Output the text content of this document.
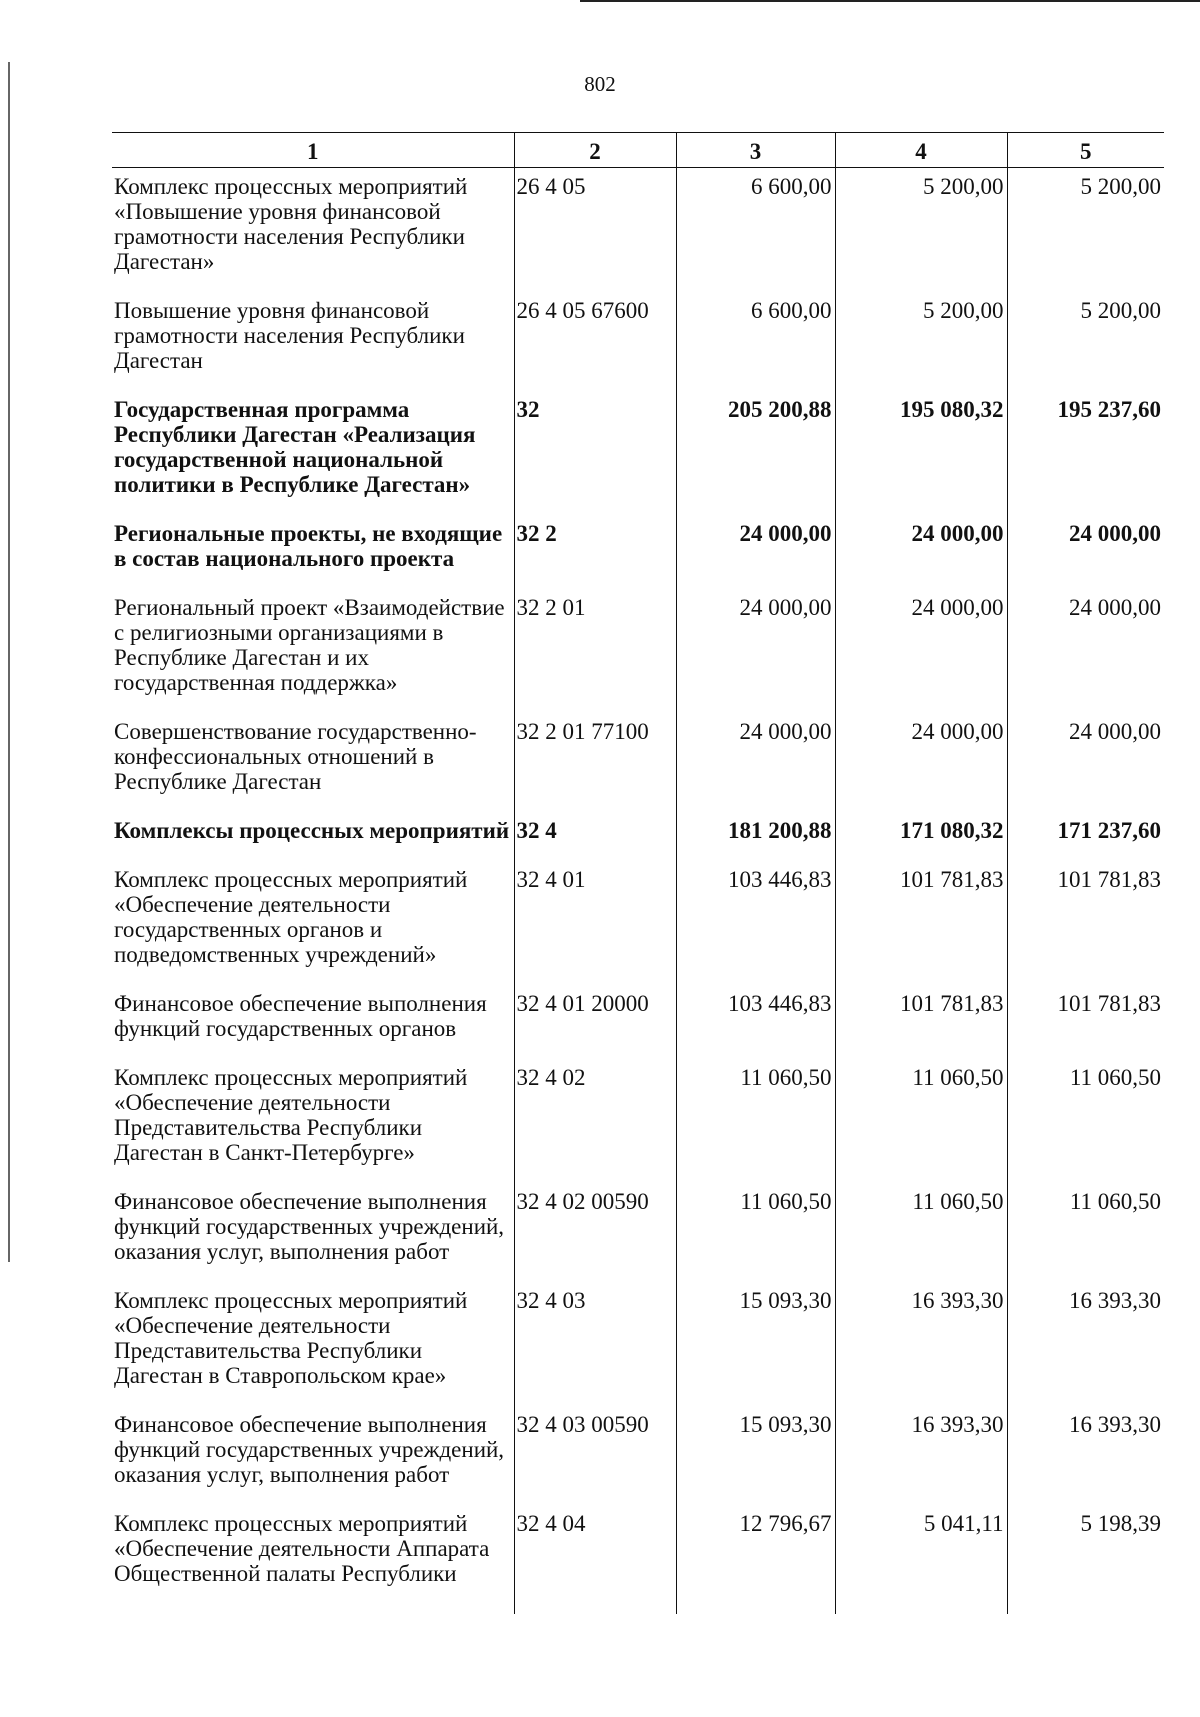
802
1	2	3	4	5
Комплекс процессных мероприятий «Повышение уровня финансовой грамотности населения Республики Дагестан»	26 4 05	6 600,00	5 200,00	5 200,00
Повышение уровня финансовой грамотности населения Республики Дагестан	26 4 05 67600	6 600,00	5 200,00	5 200,00
Государственная программа Республики Дагестан «Реализация государственной национальной политики в Республике Дагестан»	32	205 200,88	195 080,32	195 237,60
Региональные проекты, не входящие в состав национального проекта	32 2	24 000,00	24 000,00	24 000,00
Региональный проект «Взаимодействие с религиозными организациями в Республике Дагестан и их государственная поддержка»	32 2 01	24 000,00	24 000,00	24 000,00
Совершенствование государственно-конфессиональных отношений в Республике Дагестан	32 2 01 77100	24 000,00	24 000,00	24 000,00
Комплексы процессных мероприятий	32 4	181 200,88	171 080,32	171 237,60
Комплекс процессных мероприятий «Обеспечение деятельности государственных органов и подведомственных учреждений»	32 4 01	103 446,83	101 781,83	101 781,83
Финансовое обеспечение выполнения функций государственных органов	32 4 01 20000	103 446,83	101 781,83	101 781,83
Комплекс процессных мероприятий «Обеспечение деятельности Представительства Республики Дагестан в Санкт-Петербурге»	32 4 02	11 060,50	11 060,50	11 060,50
Финансовое обеспечение выполнения функций государственных учреждений, оказания услуг, выполнения работ	32 4 02 00590	11 060,50	11 060,50	11 060,50
Комплекс процессных мероприятий «Обеспечение деятельности Представительства Республики Дагестан в Ставропольском крае»	32 4 03	15 093,30	16 393,30	16 393,30
Финансовое обеспечение выполнения функций государственных учреждений, оказания услуг, выполнения работ	32 4 03 00590	15 093,30	16 393,30	16 393,30
Комплекс процессных мероприятий «Обеспечение деятельности Аппарата Общественной палаты Республики	32 4 04	12 796,67	5 041,11	5 198,39
